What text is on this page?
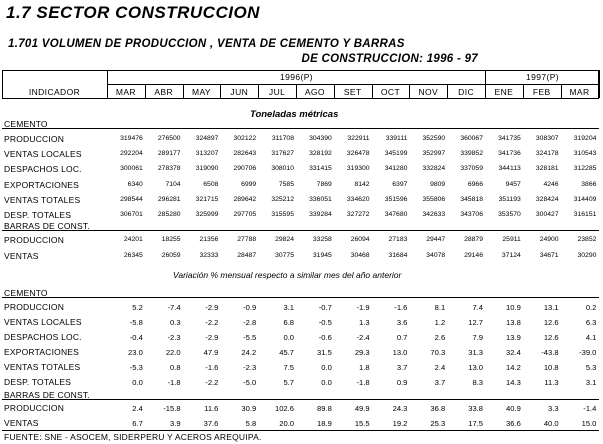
1.7 SECTOR CONSTRUCCION
1.701 VOLUMEN DE PRODUCCION , VENTA DE CEMENTO Y BARRAS
DE CONSTRUCCION: 1996 - 97
INDICADOR
1996(P)	1997(P)
MAR	ABR	MAY	JUN	JUL	AGO	SET	OCT	NOV	DIC	ENE	FEB	MAR
Toneladas métricas
CEMENTO
BARRAS DE CONST.
Variación % mensual respecto a similar mes del año anterior
CEMENTO
BARRAS DE CONST.
PRODUCCION	319476	276500	324897	302122	311708	304390	322911	339111	352590	360067	341735	308307	319204
VENTAS LOCALES	292204	289177	313207	282643	317627	328192	326478	345199	352997	339852	341736	324178	310543
DESPACHOS LOC.	300061	278378	319090	290706	308010	331415	319300	341280	332824	337059	344113	328181	312285
EXPORTACIONES	6340	7104	6508	6999	7585	7869	8142	6397	9809	6966	9457	4246	3866
VENTAS TOTALES	298544	296281	321715	289642	325212	336051	334620	351596	355806	345818	351193	328424	314409
DESP. TOTALES	306701	285280	325999	297705	315595	339284	327272	347680	342633	343706	353570	300427	316151
PRODUCCION	24201	18255	21356	27788	29824	33258	26094	27183	29447	28879	25911	24900	23852
VENTAS	26345	26059	32333	28487	30775	31945	30468	31684	34078	29146	37124	34671	30290
PRODUCCION	5.2	-7.4	-2.9	-0.9	3.1	-0.7	-1.9	-1.6	8.1	7.4	10.9	13.1	0.2
VENTAS LOCALES	-5.8	0.3	-2.2	-2.8	6.8	-0.5	1.3	3.6	1.2	12.7	13.8	12.6	6.3
DESPACHOS LOC.	-0.4	-2.3	-2.9	-5.5	0.0	-0.6	-2.4	0.7	2.6	7.9	13.9	12.6	4.1
EXPORTACIONES	23.0	22.0	47.9	24.2	45.7	31.5	29.3	13.0	70.3	31.3	32.4	-43.8	-39.0
VENTAS TOTALES	-5.3	0.8	-1.6	-2.3	7.5	0.0	1.8	3.7	2.4	13.0	14.2	10.8	5.3
DESP. TOTALES	0.0	-1.8	-2.2	-5.0	5.7	0.0	-1.8	0.9	3.7	8.3	14.3	11.3	3.1
PRODUCCION	2.4	-15.8	11.6	30.9	102.6	89.8	49.9	24.3	36.8	33.8	40.9	3.3	-1.4
VENTAS	6.7	3.9	37.6	5.8	20.0	18.9	15.5	19.2	25.3	17.5	36.6	40.0	15.0
FUENTE: SNE - ASOCEM, SIDERPERU Y ACEROS AREQUIPA.
